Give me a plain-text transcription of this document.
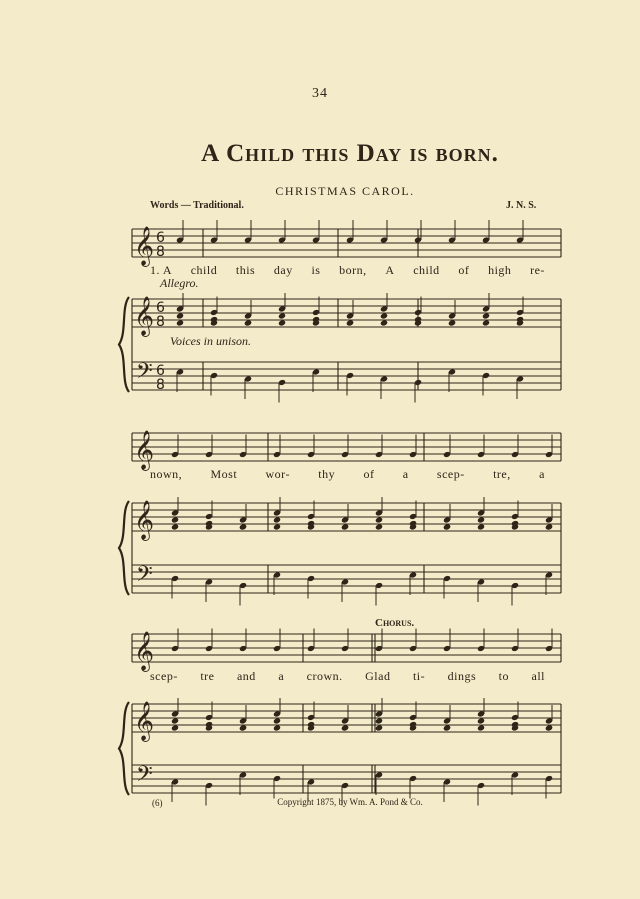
34
A Child this Day is born.
CHRISTMAS CAROL.
Words — Traditional.	J. N. S.
𝄞
𝄞
𝄢
6
8
6
8
6
8
𝄞
𝄞
𝄢
𝄞
𝄞
𝄢
1. A child this day is born, A child of high re-
nown, Most wor- thy of a scep- tre, a
scep- tre and a crown. Glad ti- dings to all
Allegro.
Voices in unison.
Chorus.
(6)	Copyright 1875, by Wm. A. Pond & Co.
